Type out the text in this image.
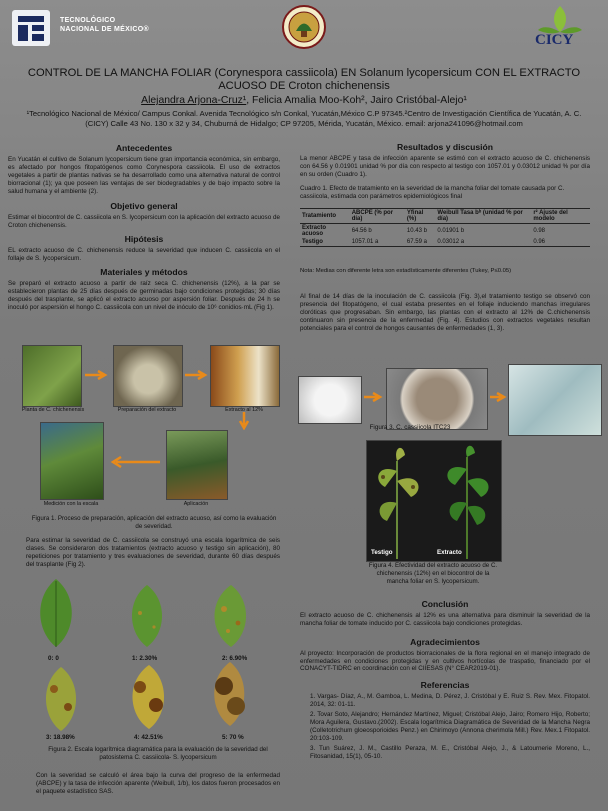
TECNOLÓGICO
NACIONAL DE MÉXICO®
CICY
CONTROL DE LA MANCHA FOLIAR (Corynespora cassiicola) EN Solanum lycopersicum CON EL EXTRACTO
ACUOSO DE Croton chichenensis
Alejandra Arjona-Cruz¹, Felicia Amalia Moo-Koh², Jairo Cristóbal-Alejo¹
¹Tecnológico Nacional de México/ Campus Conkal. Avenida Tecnológico s/n Conkal, Yucatán,México C.P 97345.²Centro de Investigación Científica de Yucatán, A. C. (CICY) Calle 43 No. 130 x 32 y 34, Chuburná de Hidalgo; CP 97205, Mérida, Yucatán, México. email: arjona241096@hotmail.com
Antecedentes
En Yucatán el cultivo de Solanum lycopersicum tiene gran importancia económica, sin embargo, es afectado por hongos fitopatógenos como Corynespora cassiicola. El uso de extractos vegetales a partir de plantas nativas se ha desarrollado como una alternativa natural de control biorracional (1); ya que poseen las ventajas de ser biodegradables y de bajo impacto sobre la salud humana y el ambiente (2).
Objetivo general
Estimar el biocontrol de C. cassiicola en S. lycopersicum con la aplicación del extracto acuoso de Croton chichenensis.
Hipótesis
EL extracto acuoso de C. chichenensis reduce la severidad que inducen C. cassiicola en el follaje de S. lycopersicum.
Materiales y métodos
Se preparó el extracto acuoso a partir de raíz seca C. chichenensis (12%), a la par se establecieron plantas de 25 días después de germinadas bajo condiciones protegidas; 30 días después del trasplante, se aplicó el extracto acuoso por aspersión foliar. Después de 24 h se inoculó por aspersión el hongo C. cassiicola con un nivel de inóculo de 10⁶ conidios·mL (Fig 1).
Planta de C. chichenensis	Preparación del extracto	Extracto al 12%
Medición con la escala	Aplicación
Figura 1. Proceso de preparación, aplicación del extracto acuoso, así como la evaluación de severidad.
Para estimar la severidad de C. cassiicola se construyó una escala logarítmica de seis clases. Se consideraron dos tratamientos (extracto acuoso y testigo sin aplicación), 80 repeticiones por tratamiento y tres evaluaciones de severidad, durante 60 días después del trasplante (Fig 2).
0: 0	1: 2.30%	2: 6.90%
3: 18.98%	4: 42.51%	5: 70 %
Figura 2. Escala logarítmica diagramática para la evaluación de la severidad del patosistema C. cassiicola- S. lycopersicum
Con la severidad se calculó el área bajo la curva del progreso de la enfermedad (ABCPE) y la tasa de infección aparente (Weibull, 1/b), los datos fueron procesados en el paquete estadístico SAS.
Resultados y discusión
La menor ABCPE y tasa de infección aparente se estimó con el extracto acuoso de C. chichenensis con 64.56 y 0.01901 unidad % por día con respecto al testigo con 1057.01 y 0.03012 unidad % por día en su orden (Cuadro 1).
Cuadro 1. Efecto de tratamiento en la severidad de la mancha foliar del tomate causada por C. cassiicola, estimada con parámetros epidemiológicos final
Tratamiento	ABCPE (% por día)	Yfinal (%)	Weibull Tasa bᵇ (unidad % por día)	r² Ajuste del modelo
Extracto acuoso	64.56 b	10.43 b	0.01901 b	0.98
Testigo	1057.01 a	67.59 a	0.03012 a	0.96
Nota: Medias con diferente letra son estadísticamente diferentes (Tukey, P≤0.05)
Al final de 14 días de la inoculación de C. cassiicola (Fig. 3),el tratamiento testigo se observó con presencia del fitopatógeno, el cual estaba presentes en el follaje induciendo manchas irregulares cloróticas que progresaban. Sin embargo, las plantas con el extracto al 12% de C.chichenensis continuaron sin presencia de la enfermedad (Fig. 4). Estudios con extractos vegetales resultan potenciales para el control de hongos causantes de enfermedades (1, 3).
Figura 3. C. cassiicola ITC23
Testigo	Extracto
Figura 4. Efectividad del extracto acuoso de C. chichenensis (12%) en el biocontrol de la mancha foliar en S. lycopersicum.
Conclusión
El extracto acuoso de C. chichenensis al 12% es una alternativa para disminuir la severidad de la mancha foliar de tomate inducido por C. cassiicola bajo condiciones protegidas.
Agradecimientos
Al proyecto: Incorporación de productos biorracionales de la flora regional en el manejo integrado de enfermedades en condiciones protegidas y en cultivos hortícolas de traspatio, financiado por el CONACYT-TIDRC en coordinación con el CIIESAS (N° CEAR2019-01).
Referencias
1. Vargas- Díaz, A., M. Gamboa, L. Medina, D. Pérez, J. Cristóbal y E. Ruiz S. Rev. Mex. Fitopatol. 2014, 32: 01-11.
2. Tovar Soto, Alejandro; Hernández Martínez, Miguel; Cristóbal Alejo, Jairo; Romero Hijo, Roberto; Mora Aguilera, Gustavo.(2002). Escala logarítmica Diagramática de Severidad de la Mancha Negra (Colletotrichum gloeosporioides Penz.) en Chirimoyo (Annona cherimola Mill.) Rev. Mex.1 Fitopatol. 20:103-109.
3. Tun Suárez, J. M., Castillo Peraza, M. E., Cristóbal Alejo, J., & Latournerie Moreno, L., Fitosanidad, 15(1), 05-10.
